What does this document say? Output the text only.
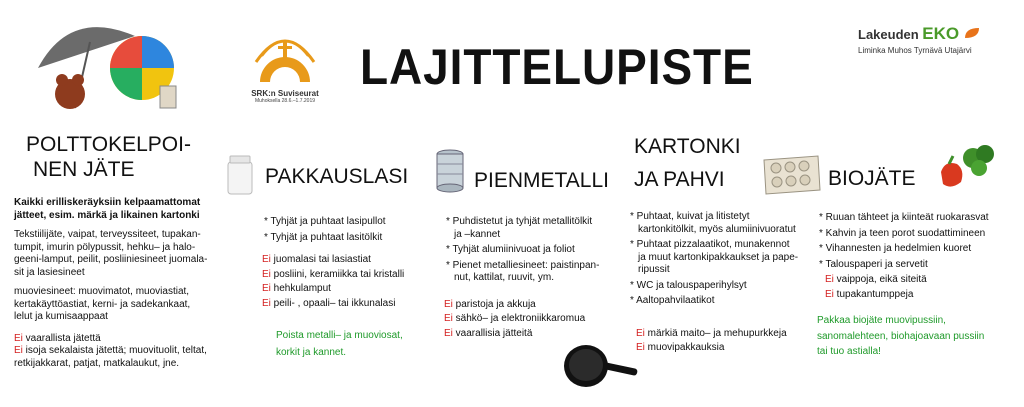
LAJITTELUPISTE
SRK:n Suviseurat
Muhoksella 28.6.–1.7.2019
Lakeuden EKO
Liminka Muhos Tyrnävä Utajärvi
POLTTOKELPOI-
NEN JÄTE

Kaikki erilliskeräyksiin kelpaamattomat

jätteet, esim. märkä ja likainen kartonki

Tekstiilijäte, vaipat, terveyssiteet, tupakan-

tumpit, imurin pölypussit, hehku– ja halo-

geeni-lamput, peilit, posliiniesineet juomala-

sit ja lasiesineet

muoviesineet: muovimatot, muoviastiat,

kertakäyttöastiat, kerni- ja sadekankaat,

lelut ja kumisaappaat

Ei vaarallista jätettä

Ei isoja sekalaista jätettä; muovituolit, teltat,

retkijakkarat, patjat, matkalaukut, jne.

PAKKAUSLASI

* Tyhjät ja puhtaat lasipullot

* Tyhjät ja puhtaat lasitölkit

Ei juomalasi tai lasiastiat

Ei posliini, keramiikka tai kristalli

Ei hehkulamput

Ei peili- , opaali– tai ikkunalasi

Poista metalli– ja muoviosat,

korkit ja kannet.

PIENMETALLI

* Puhdistetut ja tyhjät metallitölkit

ja –kannet

* Tyhjät alumiinivuoat ja foliot

* Pienet metalliesineet: paistinpan-

nut, kattilat, ruuvit, ym.

Ei paristoja ja akkuja

Ei sähkö– ja elektroniikkaromua

Ei vaarallisia jätteitä

KARTONKI
JA PAHVI

* Puhtaat, kuivat ja litistetyt

kartonkitölkit, myös alumiinivuoratut

* Puhtaat pizzalaatikot, munakennot

ja muut kartonkipakkaukset ja pape-

ripussit

* WC ja talouspaperihylsyt

* Aaltopahvilaatikot

Ei märkiä maito– ja mehupurkkeja

Ei muovipakkauksia

BIOJÄTE

* Ruuan tähteet ja kiinteät ruokarasvat

* Kahvin ja teen porot suodattimineen

* Vihannesten ja hedelmien kuoret

* Talouspaperi ja servetit

Ei vaippoja, eikä siteitä

Ei tupakantumppeja

Pakkaa biojäte muovipussiin,

sanomalehteen, biohajoavaan pussiin

tai tuo astialla!
